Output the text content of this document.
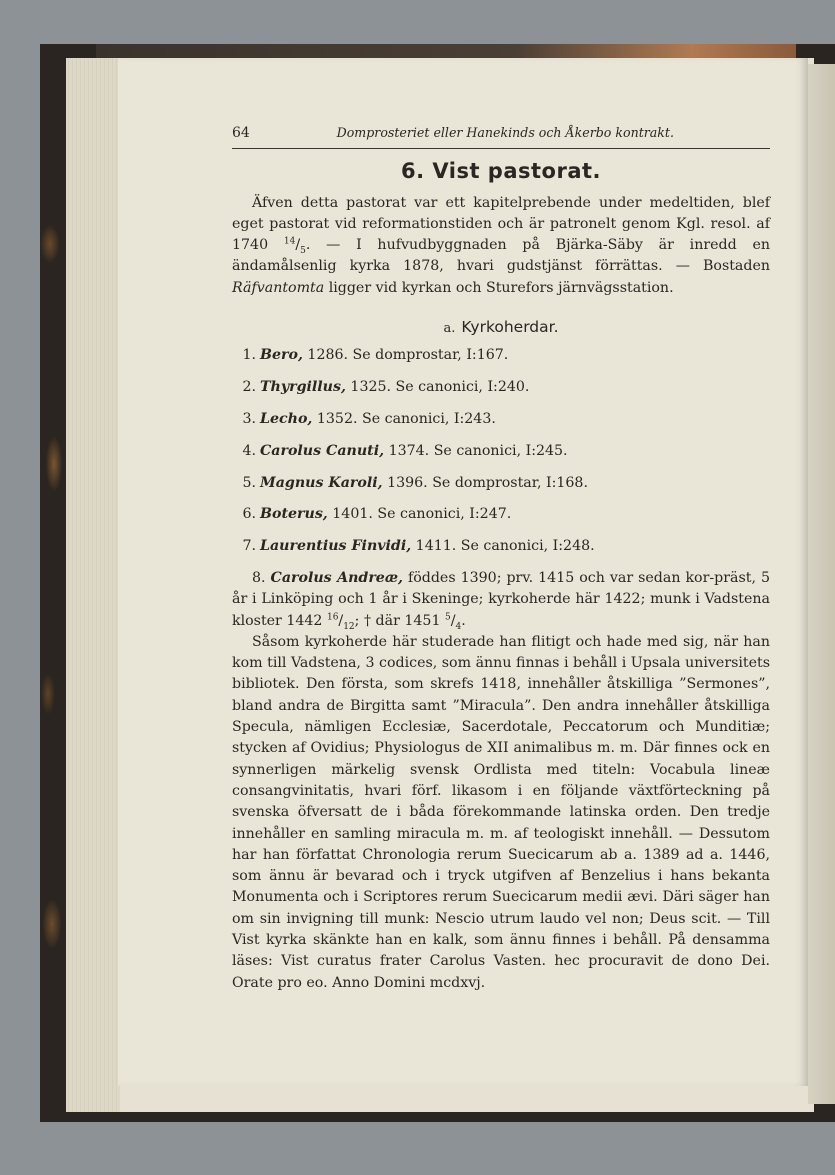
64	Domprosteriet eller Hanekinds och Åkerbo kontrakt.
6. Vist pastorat.

Äfven detta pastorat var ett kapitelprebende under medeltiden, blef eget pastorat vid reformationstiden och är patronelt genom Kgl. resol. af 1740 $^{14}/_5$. — I hufvudbyggnaden på Bjärka-Säby är inredd en ändamålsenlig kyrka 1878, hvari gudstjänst förrättas. — Bostaden Räfvantomta ligger vid kyrkan och Sturefors järnvägsstation.

a. Kyrkoherdar.
1. Bero, 1286. Se domprostar, I:167.
2. Thyrgillus, 1325. Se canonici, I:240.
3. Lecho, 1352. Se canonici, I:243.
4. Carolus Canuti, 1374. Se canonici, I:245.
5. Magnus Karoli, 1396. Se domprostar, I:168.
6. Boterus, 1401. Se canonici, I:247.
7. Laurentius Finvidi, 1411. Se canonici, I:248.

8. Carolus Andreæ, föddes 1390; prv. 1415 och var sedan kor-präst, 5 år i Linköping och 1 år i Skeninge; kyrkoherde här 1422; munk i Vadstena kloster 1442 $^{16}/_{12}$; † där 1451 $^5/_4$.

Såsom kyrkoherde här studerade han flitigt och hade med sig, när han kom till Vadstena, 3 codices, som ännu finnas i behåll i Upsala universitets bibliotek. Den första, som skrefs 1418, innehåller åtskilliga ”Sermones”, bland andra de Birgitta samt ”Miracula”. Den andra innehåller åtskilliga Specula, nämligen Ecclesiæ, Sacerdotale, Peccatorum och Munditiæ; stycken af Ovidius; Physiologus de XII animalibus m. m. Där finnes ock en synnerligen märkelig svensk Ordlista med titeln: Vocabula lineæ consangvinitatis, hvari förf. likasom i en följande växtförteckning på svenska öfversatt de i båda förekommande latinska orden. Den tredje innehåller en samling miracula m. m. af teologiskt innehåll. — Dessutom har han författat Chronologia rerum Suecicarum ab a. 1389 ad a. 1446, som ännu är bevarad och i tryck utgifven af Benzelius i hans bekanta Monumenta och i Scriptores rerum Suecicarum medii ævi. Däri säger han om sin invigning till munk: Nescio utrum laudo vel non; Deus scit. — Till Vist kyrka skänkte han en kalk, som ännu finnes i behåll. På densamma läses: Vist curatus frater Carolus Vasten. hec procuravit de dono Dei. Orate pro eo. Anno Domini mcdxvj.
